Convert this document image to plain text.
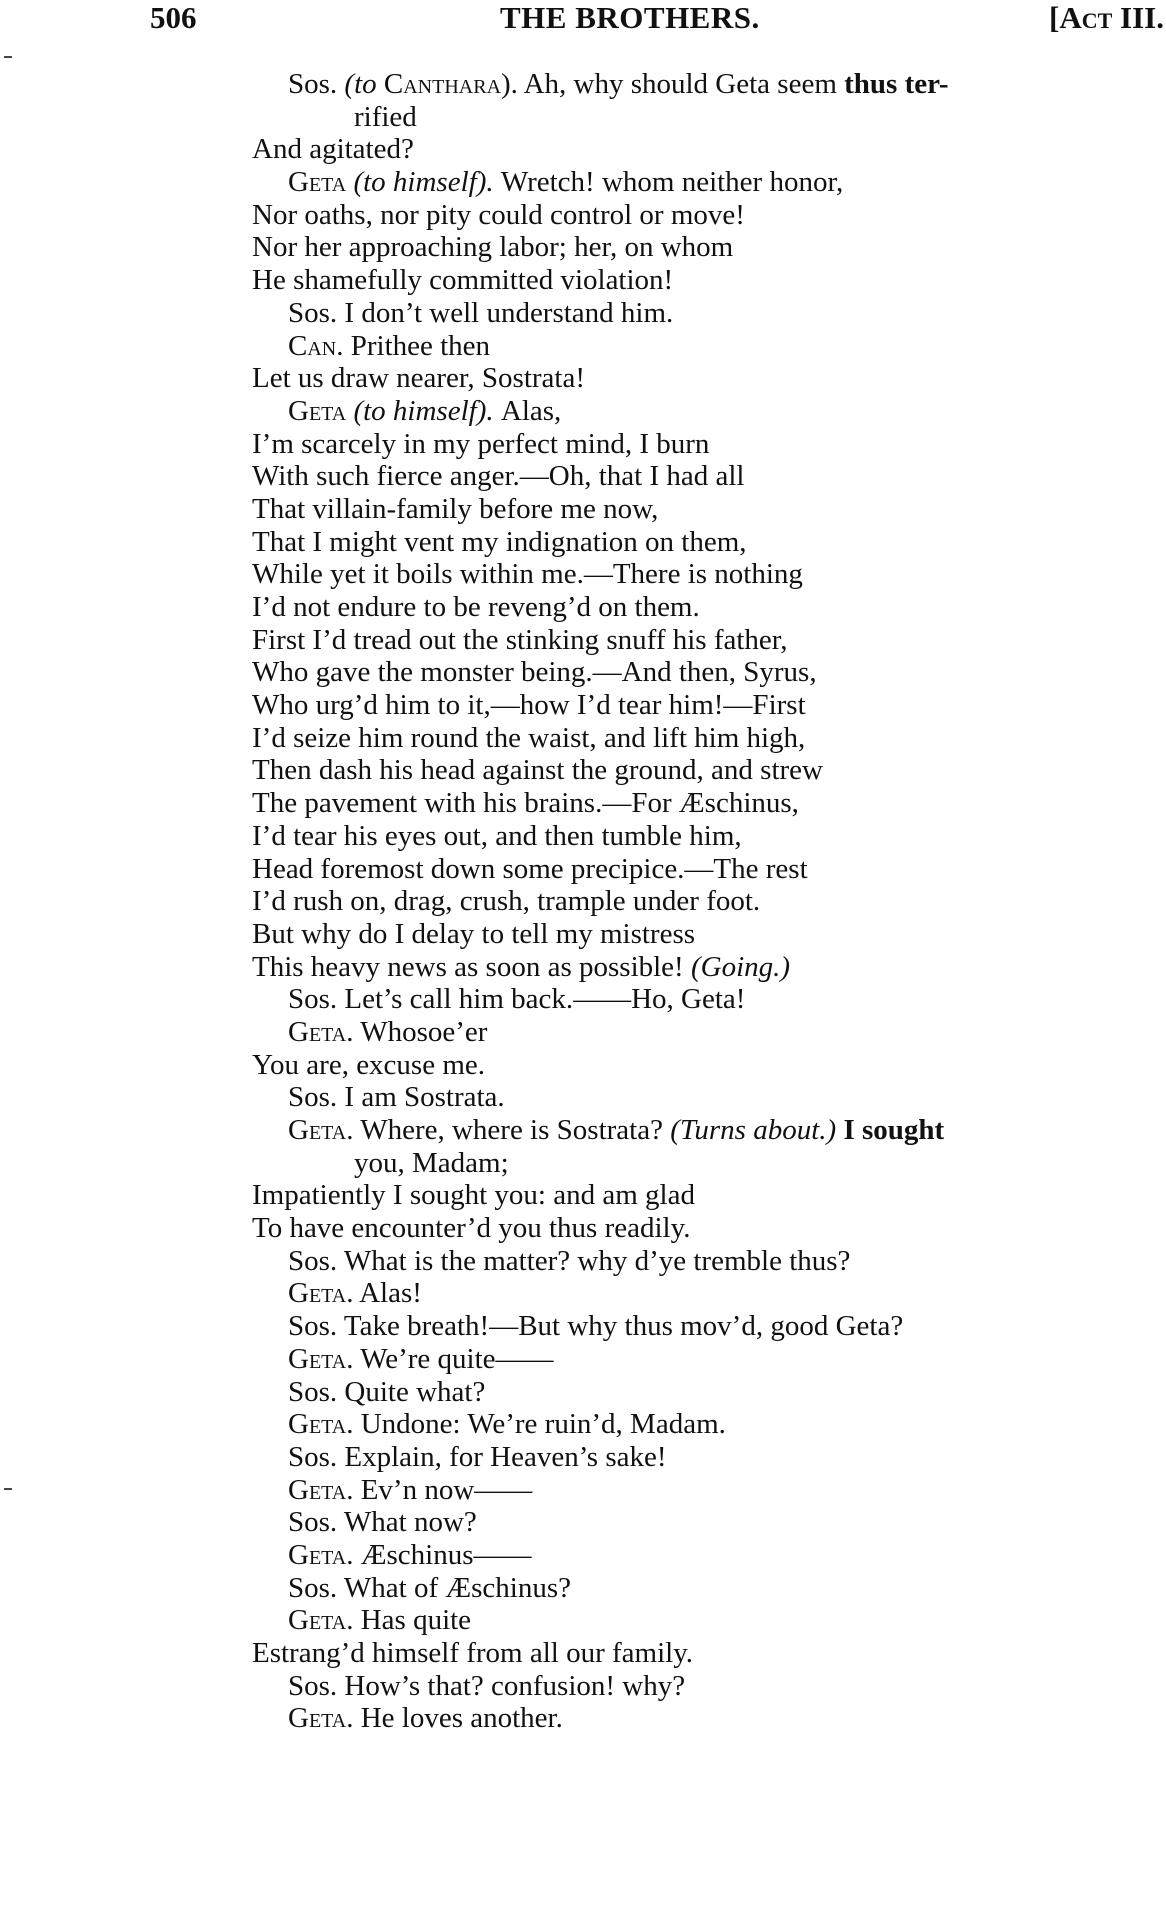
506	THE BROTHERS.	[Act III.
Sos. (to Canthara). Ah, why should Geta seem thus ter-
rified
And agitated?
Geta (to himself). Wretch! whom neither honor,
Nor oaths, nor pity could control or move!
Nor her approaching labor; her, on whom
He shamefully committed violation!
Sos. I don’t well understand him.
Can. Prithee then
Let us draw nearer, Sostrata!
Geta (to himself). Alas,
I’m scarcely in my perfect mind, I burn
With such fierce anger.—Oh, that I had all
That villain-family before me now,
That I might vent my indignation on them,
While yet it boils within me.—There is nothing
I’d not endure to be reveng’d on them.
First I’d tread out the stinking snuff his father,
Who gave the monster being.—And then, Syrus,
Who urg’d him to it,—how I’d tear him!—First
I’d seize him round the waist, and lift him high,
Then dash his head against the ground, and strew
The pavement with his brains.—For Æschinus,
I’d tear his eyes out, and then tumble him,
Head foremost down some precipice.—The rest
I’d rush on, drag, crush, trample under foot.
But why do I delay to tell my mistress
This heavy news as soon as possible! (Going.)
Sos. Let’s call him back.——Ho, Geta!
Geta. Whosoe’er
You are, excuse me.
Sos. I am Sostrata.
Geta. Where, where is Sostrata? (Turns about.) I sought
you, Madam;
Impatiently I sought you: and am glad
To have encounter’d you thus readily.
Sos. What is the matter? why d’ye tremble thus?
Geta. Alas!
Sos. Take breath!—But why thus mov’d, good Geta?
Geta. We’re quite——
Sos. Quite what?
Geta. Undone: We’re ruin’d, Madam.
Sos. Explain, for Heaven’s sake!
Geta. Ev’n now——
Sos. What now?
Geta. Æschinus——
Sos. What of Æschinus?
Geta. Has quite
Estrang’d himself from all our family.
Sos. How’s that? confusion! why?
Geta. He loves another.
